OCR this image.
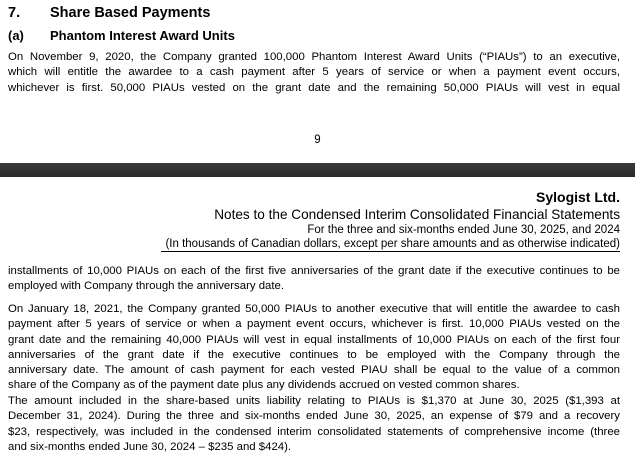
7. Share Based Payments
(a) Phantom Interest Award Units
On November 9, 2020, the Company granted 100,000 Phantom Interest Award Units (“PIAUs”) to an executive,
which will entitle the awardee to a cash payment after 5 years of service or when a payment event occurs,
whichever is first. 50,000 PIAUs vested on the grant date and the remaining 50,000 PIAUs will vest in equal
9
Sylogist Ltd.
Notes to the Condensed Interim Consolidated Financial Statements
For the three and six-months ended June 30, 2025, and 2024
(In thousands of Canadian dollars, except per share amounts and as otherwise indicated)
installments of 10,000 PIAUs on each of the first five anniversaries of the grant date if the executive continues to be
employed with Company through the anniversary date.
On January 18, 2021, the Company granted 50,000 PIAUs to another executive that will entitle the awardee to cash
payment after 5 years of service or when a payment event occurs, whichever is first. 10,000 PIAUs vested on the
grant date and the remaining 40,000 PIAUs will vest in equal installments of 10,000 PIAUs on each of the first four
anniversaries of the grant date if the executive continues to be employed with the Company through the
anniversary date. The amount of cash payment for each vested PIAU shall be equal to the value of a common
share of the Company as of the payment date plus any dividends accrued on vested common shares.
The amount included in the share-based units liability relating to PIAUs is $1,370 at June 30, 2025 ($1,393 at
December 31, 2024). During the three and six-months ended June 30, 2025, an expense of $79 and a recovery
$23, respectively, was included in the condensed interim consolidated statements of comprehensive income (three
and six-months ended June 30, 2024 – $235 and $424).
